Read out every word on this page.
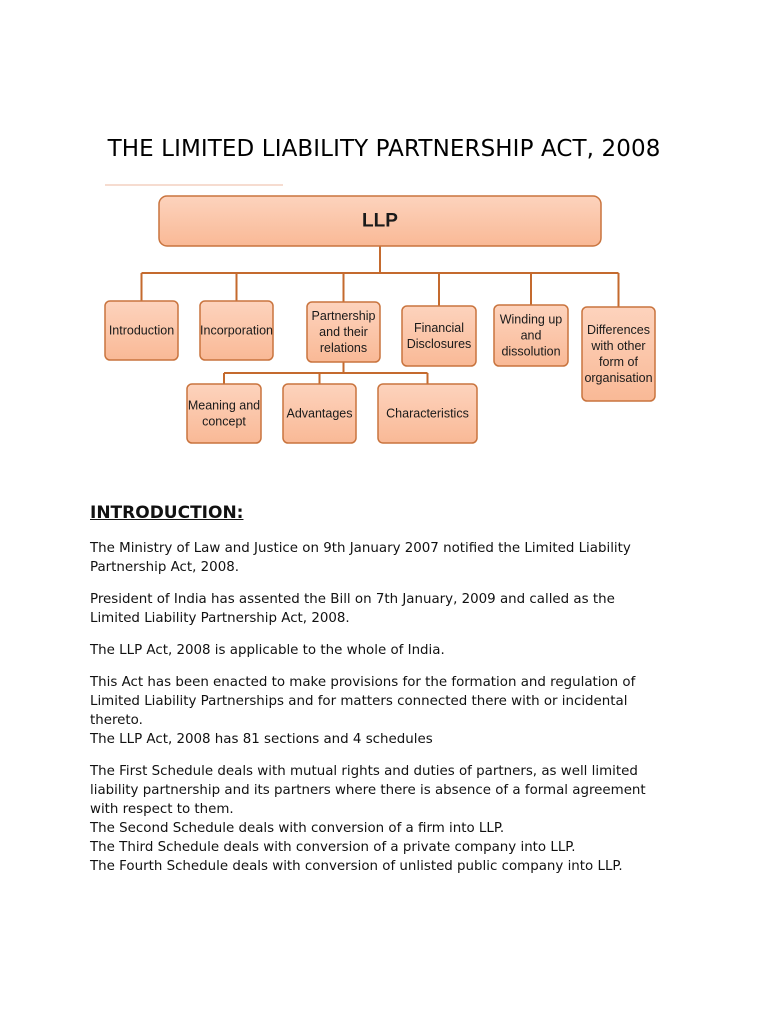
THE LIMITED LIABILITY PARTNERSHIP ACT, 2008
LLP
Introduction Incorporation
Partnership
and their
relations
Financial
Disclosures
Winding up
and
dissolution
Differences
with other
form of
organisation
Meaning and
concept
Advantages	Characteristics
INTRODUCTION:
The Ministry of Law and Justice on 9th January 2007 notified the Limited Liability
Partnership Act, 2008.
President of India has assented the Bill on 7th January, 2009 and called as the
Limited Liability Partnership Act, 2008.
The LLP Act, 2008 is applicable to the whole of India.
This Act has been enacted to make provisions for the formation and regulation of
Limited Liability Partnerships and for matters connected there with or incidental
thereto.
The LLP Act, 2008 has 81 sections and 4 schedules
The First Schedule deals with mutual rights and duties of partners, as well limited
liability partnership and its partners where there is absence of a formal agreement
with respect to them.
The Second Schedule deals with conversion of a firm into LLP.
The Third Schedule deals with conversion of a private company into LLP.
The Fourth Schedule deals with conversion of unlisted public company into LLP.
